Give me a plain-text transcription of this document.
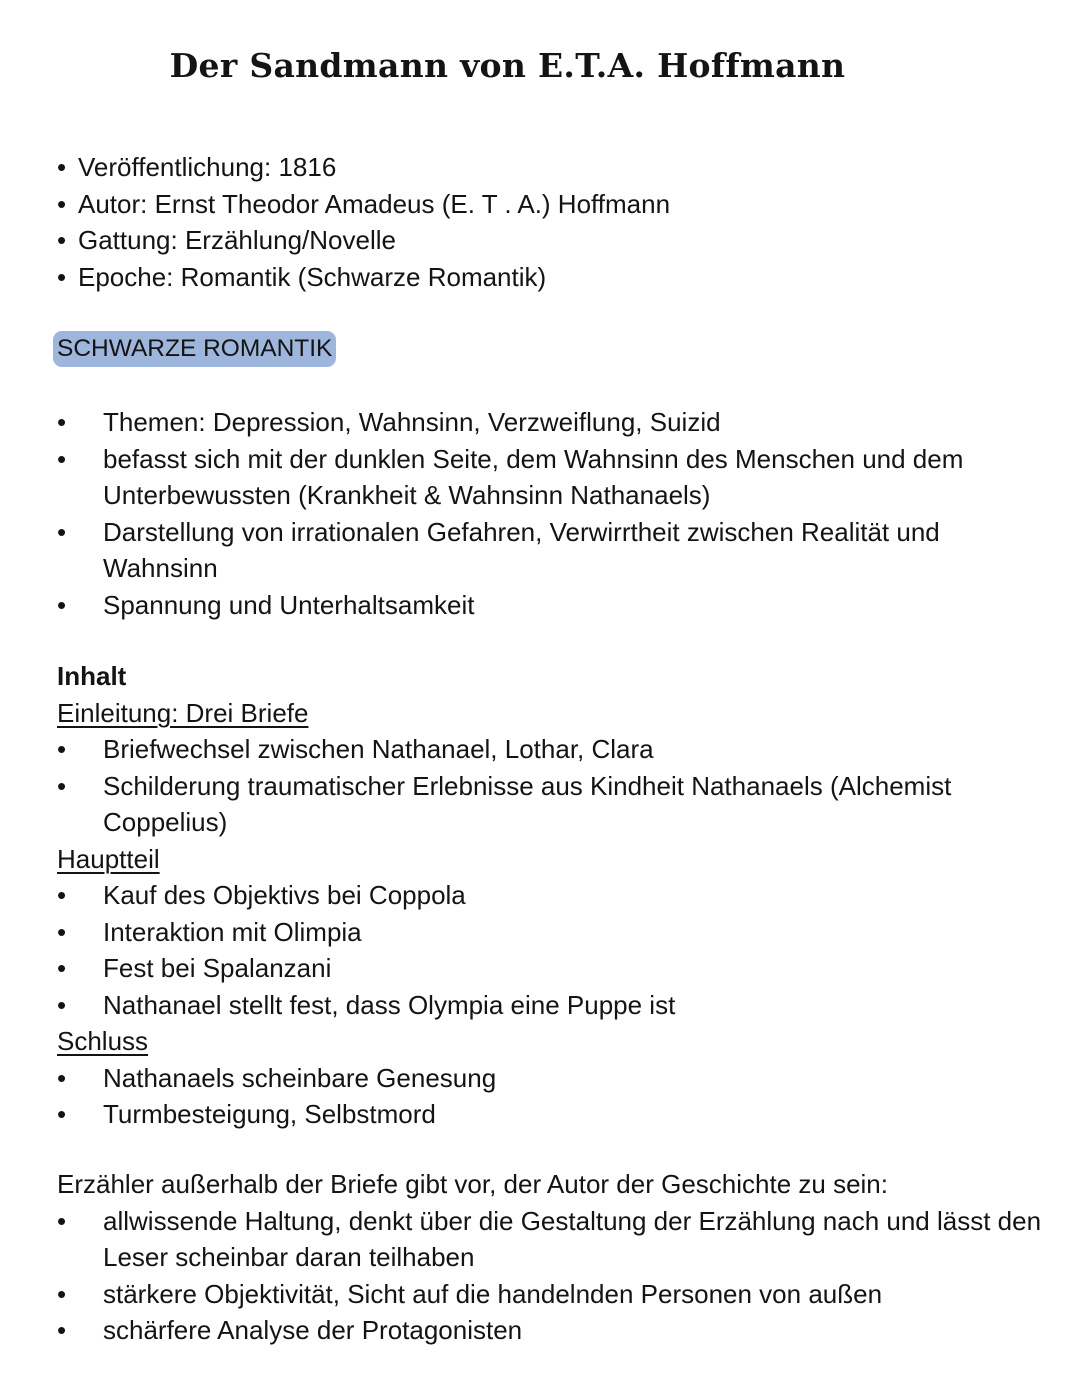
Der Sandmann von E.T.A. Hoffmann
• Veröffentlichung: 1816
• Autor: Ernst Theodor Amadeus (E. T . A.) Hoffmann
• Gattung: Erzählung/Novelle
• Epoche: Romantik (Schwarze Romantik)
SCHWARZE ROMANTIK
• Themen: Depression, Wahnsinn, Verzweiflung, Suizid
• befasst sich mit der dunklen Seite, dem Wahnsinn des Menschen und dem Unterbewussten (Krankheit & Wahnsinn Nathanaels)
• Darstellung von irrationalen Gefahren, Verwirrtheit zwischen Realität und Wahnsinn
• Spannung und Unterhaltsamkeit
Inhalt
Einleitung: Drei Briefe
• Briefwechsel zwischen Nathanael, Lothar, Clara
• Schilderung traumatischer Erlebnisse aus Kindheit Nathanaels (Alchemist Coppelius)
Hauptteil
• Kauf des Objektivs bei Coppola
• Interaktion mit Olimpia
• Fest bei Spalanzani
• Nathanael stellt fest, dass Olympia eine Puppe ist
Schluss
• Nathanaels scheinbare Genesung
• Turmbesteigung, Selbstmord
Erzähler außerhalb der Briefe gibt vor, der Autor der Geschichte zu sein:
• allwissende Haltung, denkt über die Gestaltung der Erzählung nach und lässt den Leser scheinbar daran teilhaben
• stärkere Objektivität, Sicht auf die handelnden Personen von außen
• schärfere Analyse der Protagonisten
